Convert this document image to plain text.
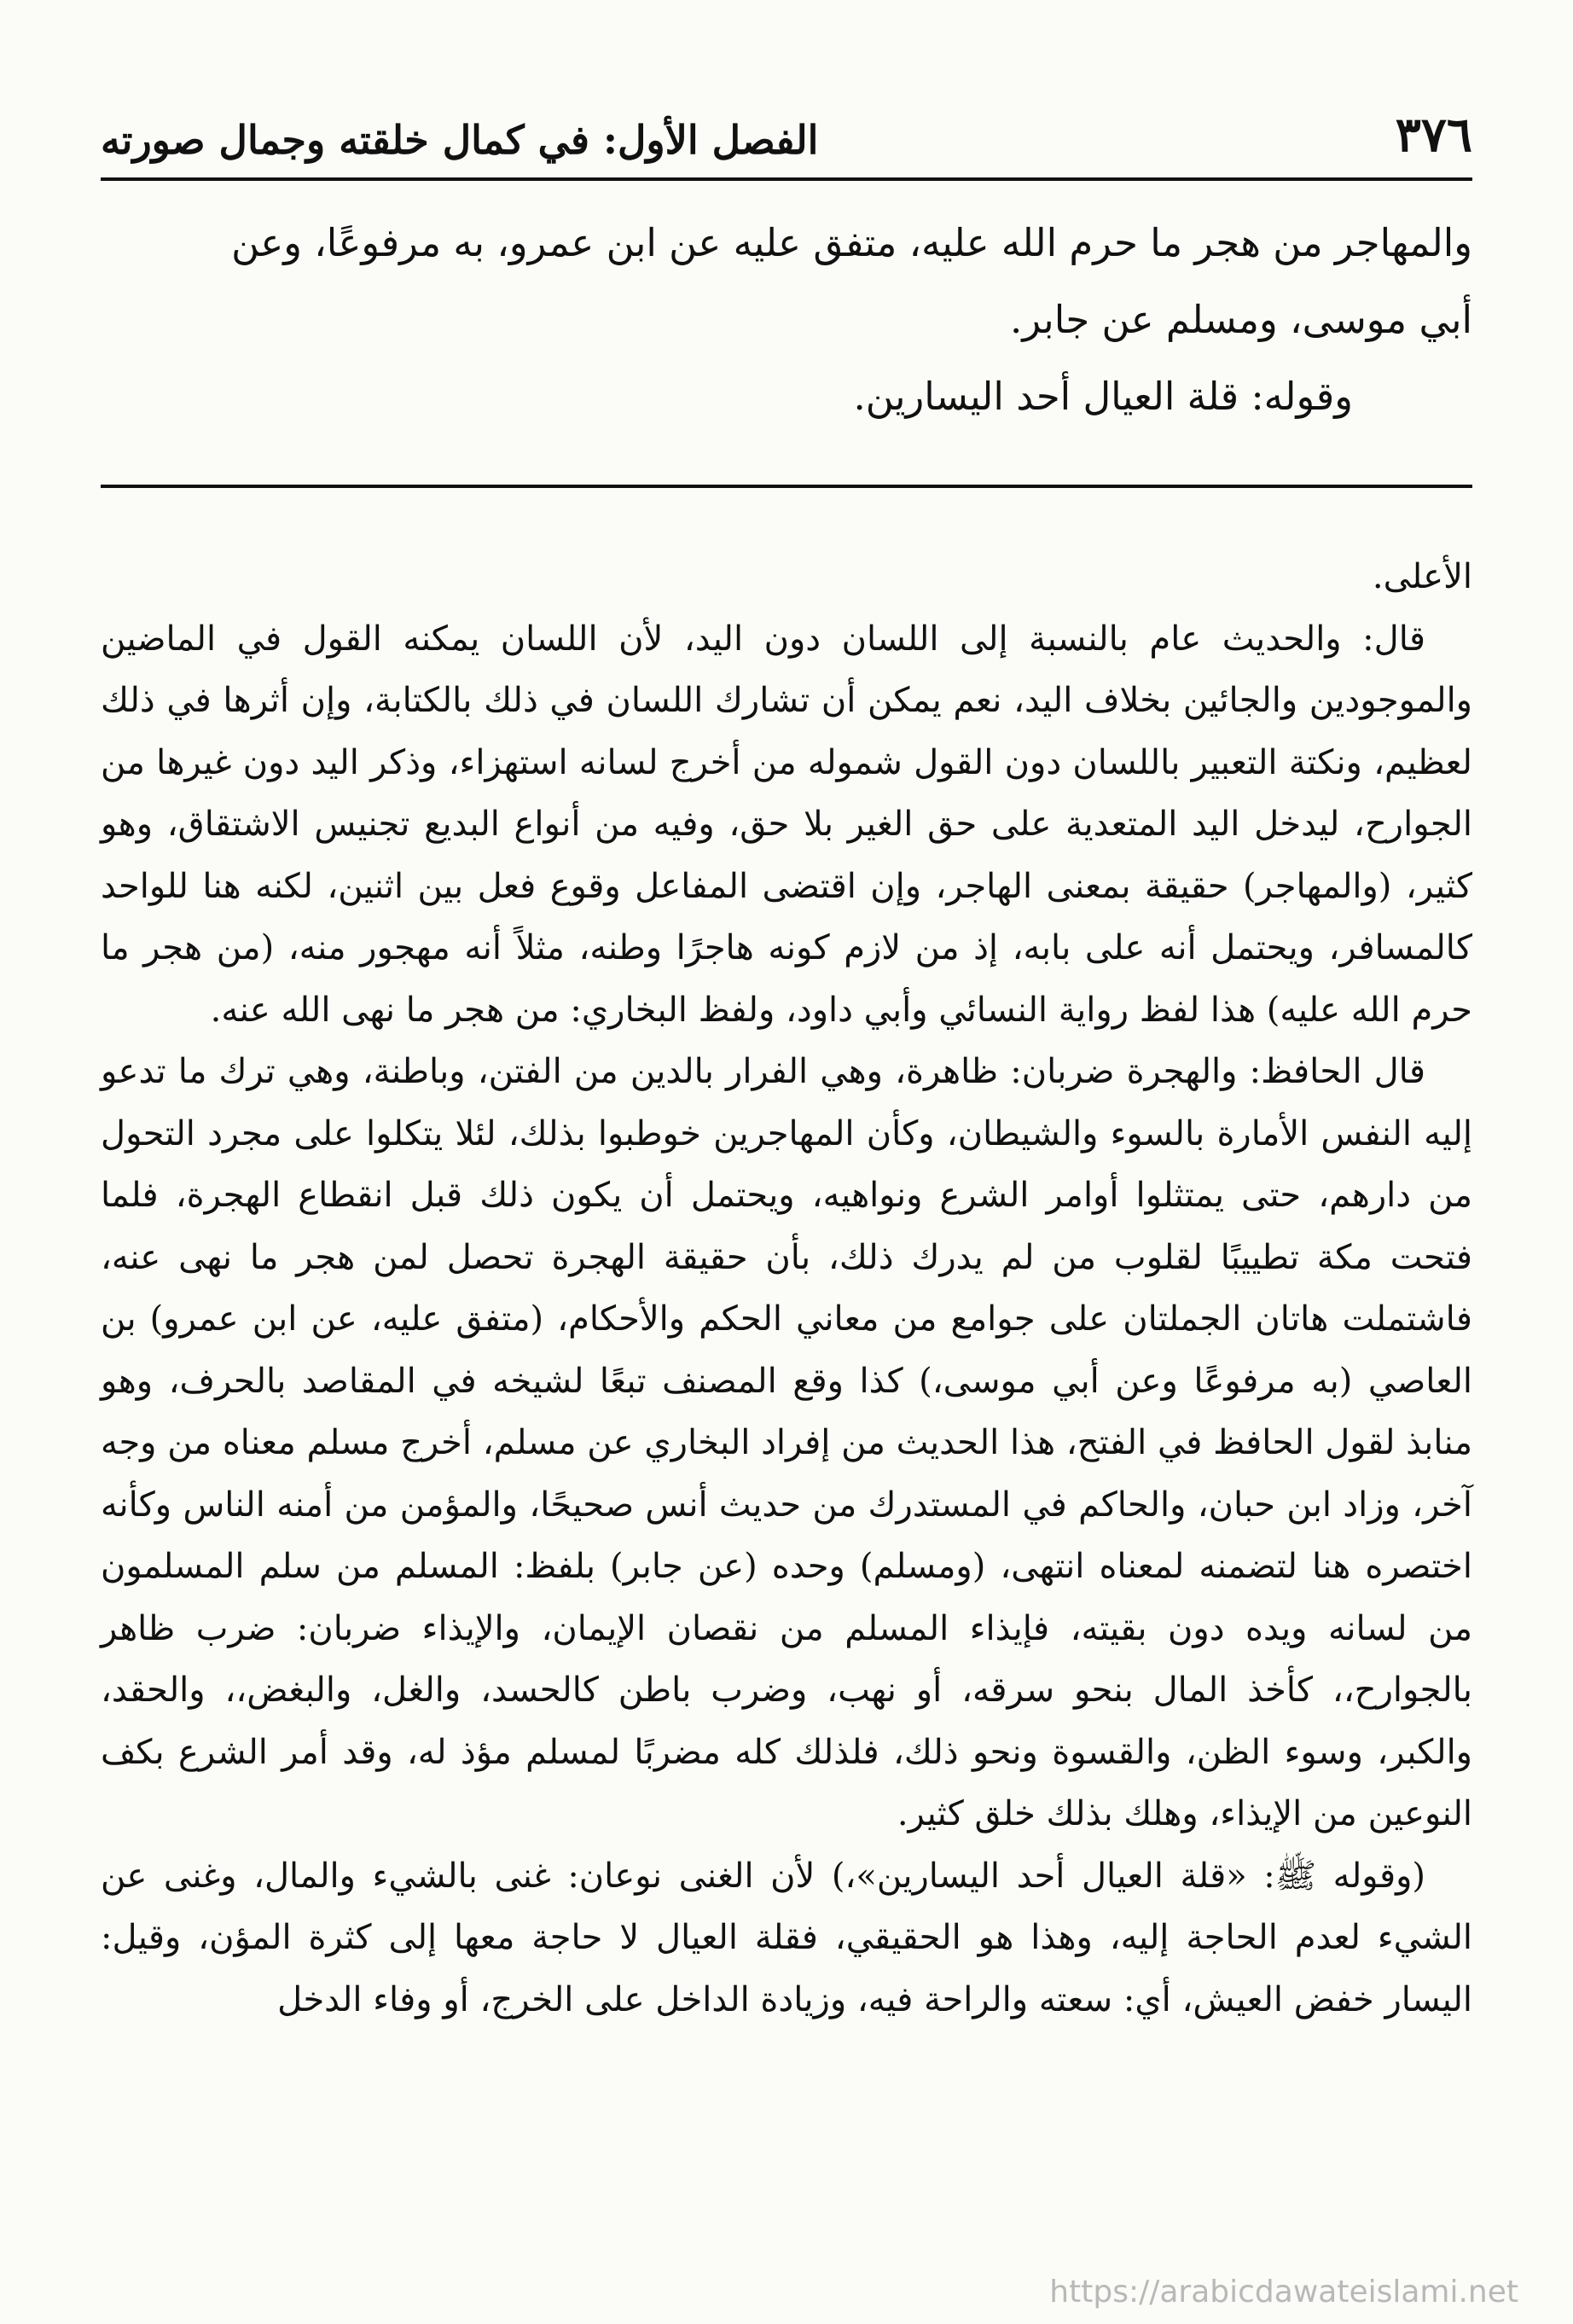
٣٧٦
الفصل الأول: في كمال خلقته وجمال صورته

والمهاجر من هجر ما حرم الله عليه، متفق عليه عن ابن عمرو، به مرفوعًا، وعن

أبي موسى، ومسلم عن جابر.

وقوله: قلة العيال أحد اليسارين.

الأعلى.

قال: والحديث عام بالنسبة إلى اللسان دون اليد، لأن اللسان يمكنه القول في الماضين والموجودين والجائين بخلاف اليد، نعم يمكن أن تشارك اللسان في ذلك بالكتابة، وإن أثرها في ذلك لعظيم، ونكتة التعبير باللسان دون القول شموله من أخرج لسانه استهزاء، وذكر اليد دون غيرها من الجوارح، ليدخل اليد المتعدية على حق الغير بلا حق، وفيه من أنواع البديع تجنيس الاشتقاق، وهو كثير، (والمهاجر) حقيقة بمعنى الهاجر، وإن اقتضى المفاعل وقوع فعل بين اثنين، لكنه هنا للواحد كالمسافر، ويحتمل أنه على بابه، إذ من لازم كونه هاجرًا وطنه، مثلاً أنه مهجور منه، (من هجر ما حرم الله عليه) هذا لفظ رواية النسائي وأبي داود، ولفظ البخاري: من هجر ما نهى الله عنه.

قال الحافظ: والهجرة ضربان: ظاهرة، وهي الفرار بالدين من الفتن، وباطنة، وهي ترك ما تدعو إليه النفس الأمارة بالسوء والشيطان، وكأن المهاجرين خوطبوا بذلك، لئلا يتكلوا على مجرد التحول من دارهم، حتى يمتثلوا أوامر الشرع ونواهيه، ويحتمل أن يكون ذلك قبل انقطاع الهجرة، فلما فتحت مكة تطييبًا لقلوب من لم يدرك ذلك، بأن حقيقة الهجرة تحصل لمن هجر ما نهى عنه، فاشتملت هاتان الجملتان على جوامع من معاني الحكم والأحكام، (متفق عليه، عن ابن عمرو) بن العاصي (به مرفوعًا وعن أبي موسى،) كذا وقع المصنف تبعًا لشيخه في المقاصد بالحرف، وهو منابذ لقول الحافظ في الفتح، هذا الحديث من إفراد البخاري عن مسلم، أخرج مسلم معناه من وجه آخر، وزاد ابن حبان، والحاكم في المستدرك من حديث أنس صحيحًا، والمؤمن من أمنه الناس وكأنه اختصره هنا لتضمنه لمعناه انتهى، (ومسلم) وحده (عن جابر) بلفظ: المسلم من سلم المسلمون من لسانه ويده دون بقيته، فإيذاء المسلم من نقصان الإيمان، والإيذاء ضربان: ضرب ظاهر بالجوارح،، كأخذ المال بنحو سرقه، أو نهب، وضرب باطن كالحسد، والغل، والبغض،، والحقد، والكبر، وسوء الظن، والقسوة ونحو ذلك، فلذلك كله مضربًا لمسلم مؤذ له، وقد أمر الشرع بكف النوعين من الإيذاء، وهلك بذلك خلق كثير.

(وقوله ﷺ: «قلة العيال أحد اليسارين»،) لأن الغنى نوعان: غنى بالشيء والمال، وغنى عن الشيء لعدم الحاجة إليه، وهذا هو الحقيقي، فقلة العيال لا حاجة معها إلى كثرة المؤن، وقيل: اليسار خفض العيش، أي: سعته والراحة فيه، وزيادة الداخل على الخرج، أو وفاء الدخل

https://arabicdawateislami.net
